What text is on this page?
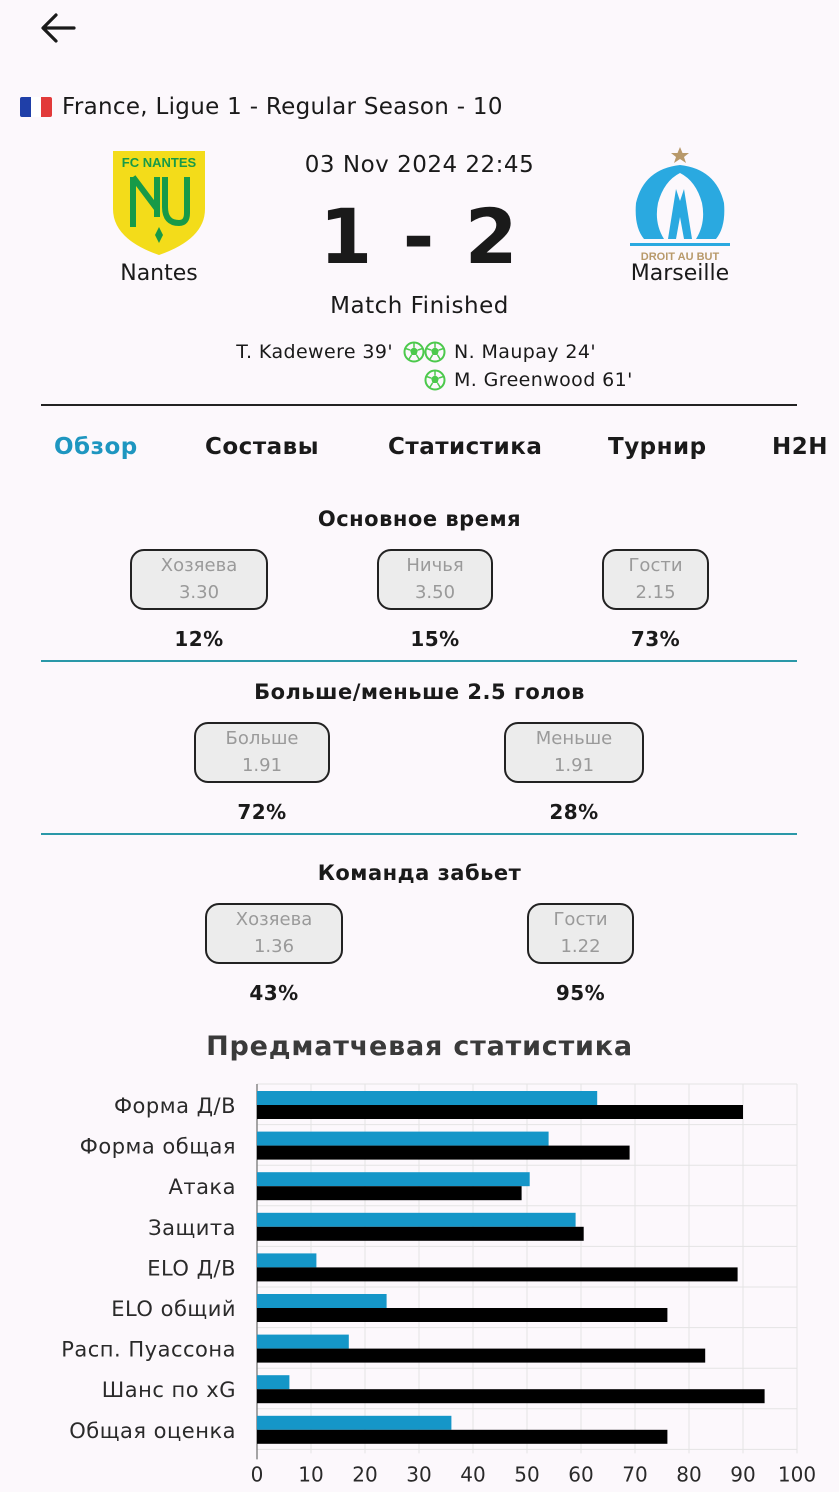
France, Ligue 1 - Regular Season - 10
FC NANTES
Nantes
03 Nov 2024 22:45
1 - 2
Match Finished
DROIT AU BUT
Marseille
T. Kadewere 39'	N. Maupay 24'
M. Greenwood 61'
Обзор	Составы	Статистика	Турнир	H2H
Основное время
Хозяева
3.30
12%
Ничья
3.50
15%
Гости
2.15
73%
Больше/меньше 2.5 голов
Больше
1.91
72%
Меньше
1.91
28%
Команда забьет
Хозяева
1.36
43%
Гости
1.22
95%
Предматчевая статистика
Форма Д/В
Форма общая
Атака
Защита
ELO Д/В
ELO общий
Расп. Пуассона
Шанс по xG
Общая оценка
0 10 20 30 40 50 60 70 80 90 100
